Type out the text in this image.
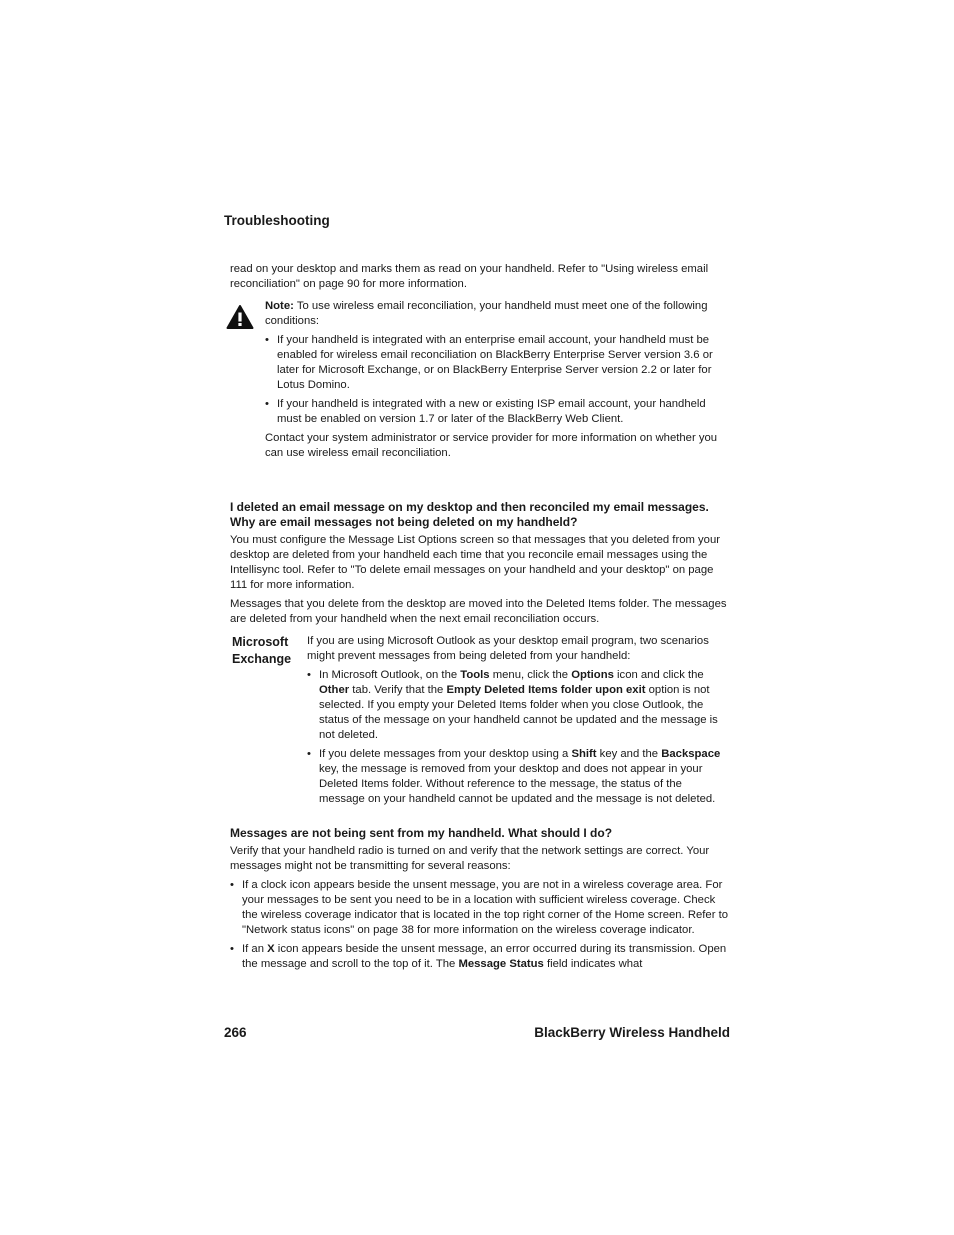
Troubleshooting

read on your desktop and marks them as read on your handheld. Refer to "Using wireless email reconciliation" on page 90 for more information.

Note: To use wireless email reconciliation, your handheld must meet one of the following conditions:

• If your handheld is integrated with an enterprise email account, your handheld must be enabled for wireless email reconciliation on BlackBerry Enterprise Server version 3.6 or later for Microsoft Exchange, or on BlackBerry Enterprise Server version 2.2 or later for Lotus Domino.

• If your handheld is integrated with a new or existing ISP email account, your handheld must be enabled on version 1.7 or later of the BlackBerry Web Client.

Contact your system administrator or service provider for more information on whether you can use wireless email reconciliation.

I deleted an email message on my desktop and then reconciled my email messages. Why are email messages not being deleted on my handheld?

You must configure the Message List Options screen so that messages that you deleted from your desktop are deleted from your handheld each time that you reconcile email messages using the Intellisync tool. Refer to "To delete email messages on your handheld and your desktop" on page 111 for more information.

Messages that you delete from the desktop are moved into the Deleted Items folder. The messages are deleted from your handheld when the next email reconciliation occurs.

Microsoft
Exchange

If you are using Microsoft Outlook as your desktop email program, two scenarios might prevent messages from being deleted from your handheld:

• In Microsoft Outlook, on the Tools menu, click the Options icon and click the Other tab. Verify that the Empty Deleted Items folder upon exit option is not selected. If you empty your Deleted Items folder when you close Outlook, the status of the message on your handheld cannot be updated and the message is not deleted.

• If you delete messages from your desktop using a Shift key and the Backspace key, the message is removed from your desktop and does not appear in your Deleted Items folder. Without reference to the message, the status of the message on your handheld cannot be updated and the message is not deleted.

Messages are not being sent from my handheld. What should I do?

Verify that your handheld radio is turned on and verify that the network settings are correct. Your messages might not be transmitting for several reasons:

• If a clock icon appears beside the unsent message, you are not in a wireless coverage area. For your messages to be sent you need to be in a location with sufficient wireless coverage. Check the wireless coverage indicator that is located in the top right corner of the Home screen. Refer to "Network status icons" on page 38 for more information on the wireless coverage indicator.

• If an X icon appears beside the unsent message, an error occurred during its transmission. Open the message and scroll to the top of it. The Message Status field indicates what

266	BlackBerry Wireless Handheld
